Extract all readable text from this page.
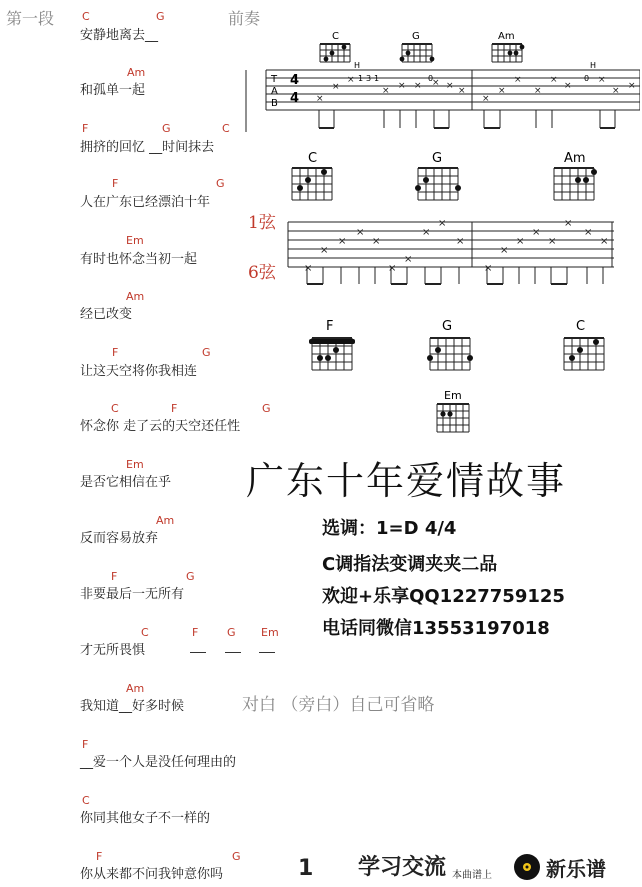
第一段	前奏
C	G
安静地离去__
Am
和孤单一起
F	G	C
拥挤的回忆 __时间抹去
F	G
人在广东已经漂泊十年
Em
有时也怀念当初一起
Am
经已改变
F	G
让这天空将你我相连
C	F	G
怀念你 走了云的天空还任性
Em
是否它相信在乎
Am
反而容易放弃
F	G
非要最后一无所有
C	F	G Em
才无所畏惧
Am
我知道__好多时候	对白 （旁白）自己可省略
F
__爱一个人是没任何理由的
C
你同其他女子不一样的
F	G
你从来都不问我钟意你吗
广东十年爱情故事
选调：1=D 4/4
C调指法变调夹夹二品
欢迎+乐享QQ1227759125
电话同微信13553197018
1弦
6弦
C	G	Am
T
A
B
4
4
H	H
1 3 1	0	0
×
×
×
× × × × × ×
×
×
×
×
×
×
×
× ×
C	G	Am
×
×
×
×
×
×
×
×
×
×
×
×
×
×
×
×
×
×
F	G	C
Em
1 学习交流 本曲谱上	新乐谱
